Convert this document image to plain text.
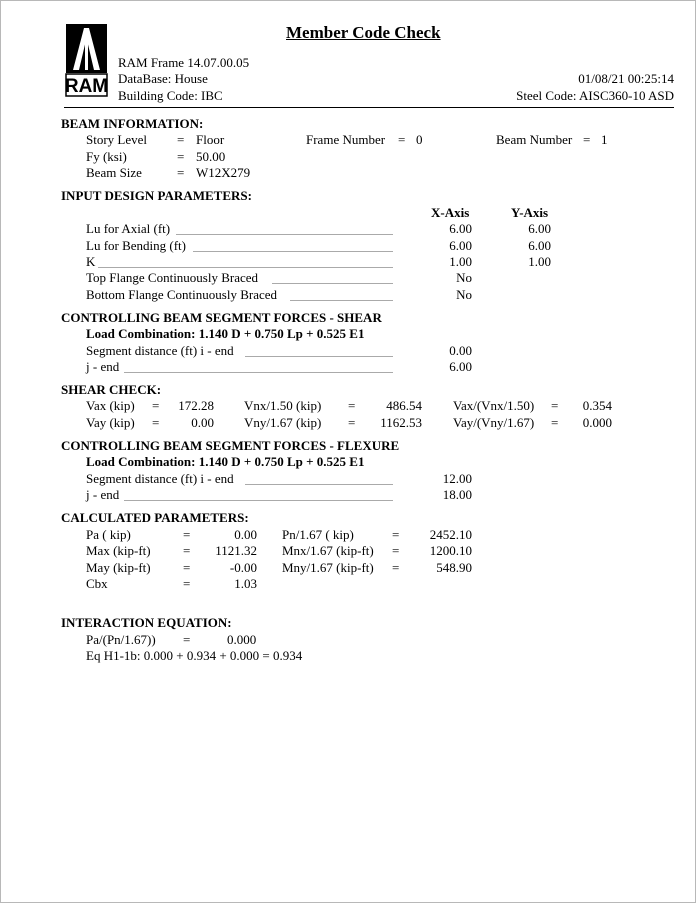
Member Code Check
RAM
RAM Frame 14.07.00.05
DataBase: House
Building Code: IBC
01/08/21 00:25:14
Steel Code: AISC360-10 ASD
BEAM INFORMATION:
Story Level = Floor	Frame Number = 0	Beam Number = 1
Fy (ksi)	= 50.00
Beam Size	= W12X279
INPUT DESIGN PARAMETERS:
X-Axis	Y-Axis
Lu for Axial (ft)	6.00	6.00
Lu for Bending (ft)	6.00	6.00
K	1.00	1.00
Top Flange Continuously Braced	No
Bottom Flange Continuously Braced	No
CONTROLLING BEAM SEGMENT FORCES - SHEAR
Load Combination: 1.140 D + 0.750 Lp + 0.525 E1
Segment distance (ft) i - end	0.00
j - end	6.00
SHEAR CHECK:
Vax (kip) = 172.28 Vnx/1.50 (kip) = 486.54 Vax/(Vnx/1.50) = 0.354
Vay (kip) = 0.00 Vny/1.67 (kip) = 1162.53 Vay/(Vny/1.67) = 0.000
CONTROLLING BEAM SEGMENT FORCES - FLEXURE
Load Combination: 1.140 D + 0.750 Lp + 0.525 E1
Segment distance (ft) i - end	12.00
j - end	18.00
CALCULATED PARAMETERS:
Pa ( kip)	=	0.00 Pn/1.67 ( kip)	= 2452.10
Max (kip-ft) = 1121.32 Mnx/1.67 (kip-ft) = 1200.10
May (kip-ft) =	-0.00 Mny/1.67 (kip-ft) =	548.90
Cbx	=	1.03
INTERACTION EQUATION:
Pa/(Pn/1.67)) =	0.000
Eq H1-1b: 0.000 + 0.934 + 0.000 = 0.934
